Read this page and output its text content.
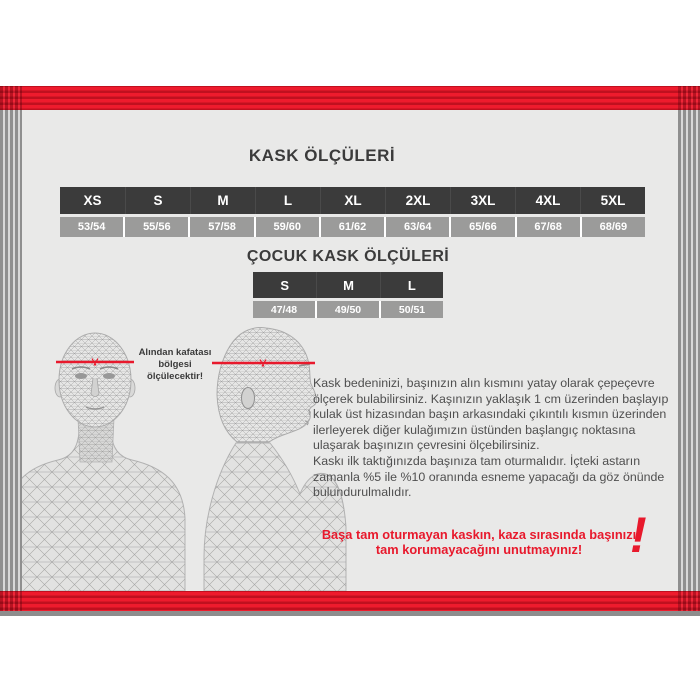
KASK ÖLÇÜLERİ
XS	S	M	L	XL	2XL	3XL	4XL	5XL
53/54	55/56	57/58	59/60	61/62	63/64	65/66	67/68	68/69
ÇOCUK KASK ÖLÇÜLERİ
S	M	L
47/48	49/50	50/51
Alından kafatası
bölgesi
ölçülecektir!	Kask bedeninizi, başınızın alın kısmını yatay olarak çepeçevre ölçerek bulabilirsiniz. Kaşınızın yaklaşık 1 cm üzerinden başlayıp kulak üst hizasından başın arkasındaki çıkıntılı kısmın üzerinden ilerleyerek diğer kulağımızın üstünden başlangıç noktasına ulaşarak başınızın çevresini ölçebilirsiniz.

Kaskı ilk taktığınızda başınıza tam oturmalıdır. İçteki astarın zamanla %5 ile %10 oranında esneme yapacağı da göz önünde bulundurulmalıdır.

Başa tam oturmayan kaskın, kaza sırasında başınızı tam korumayacağını unutmayınız! !
